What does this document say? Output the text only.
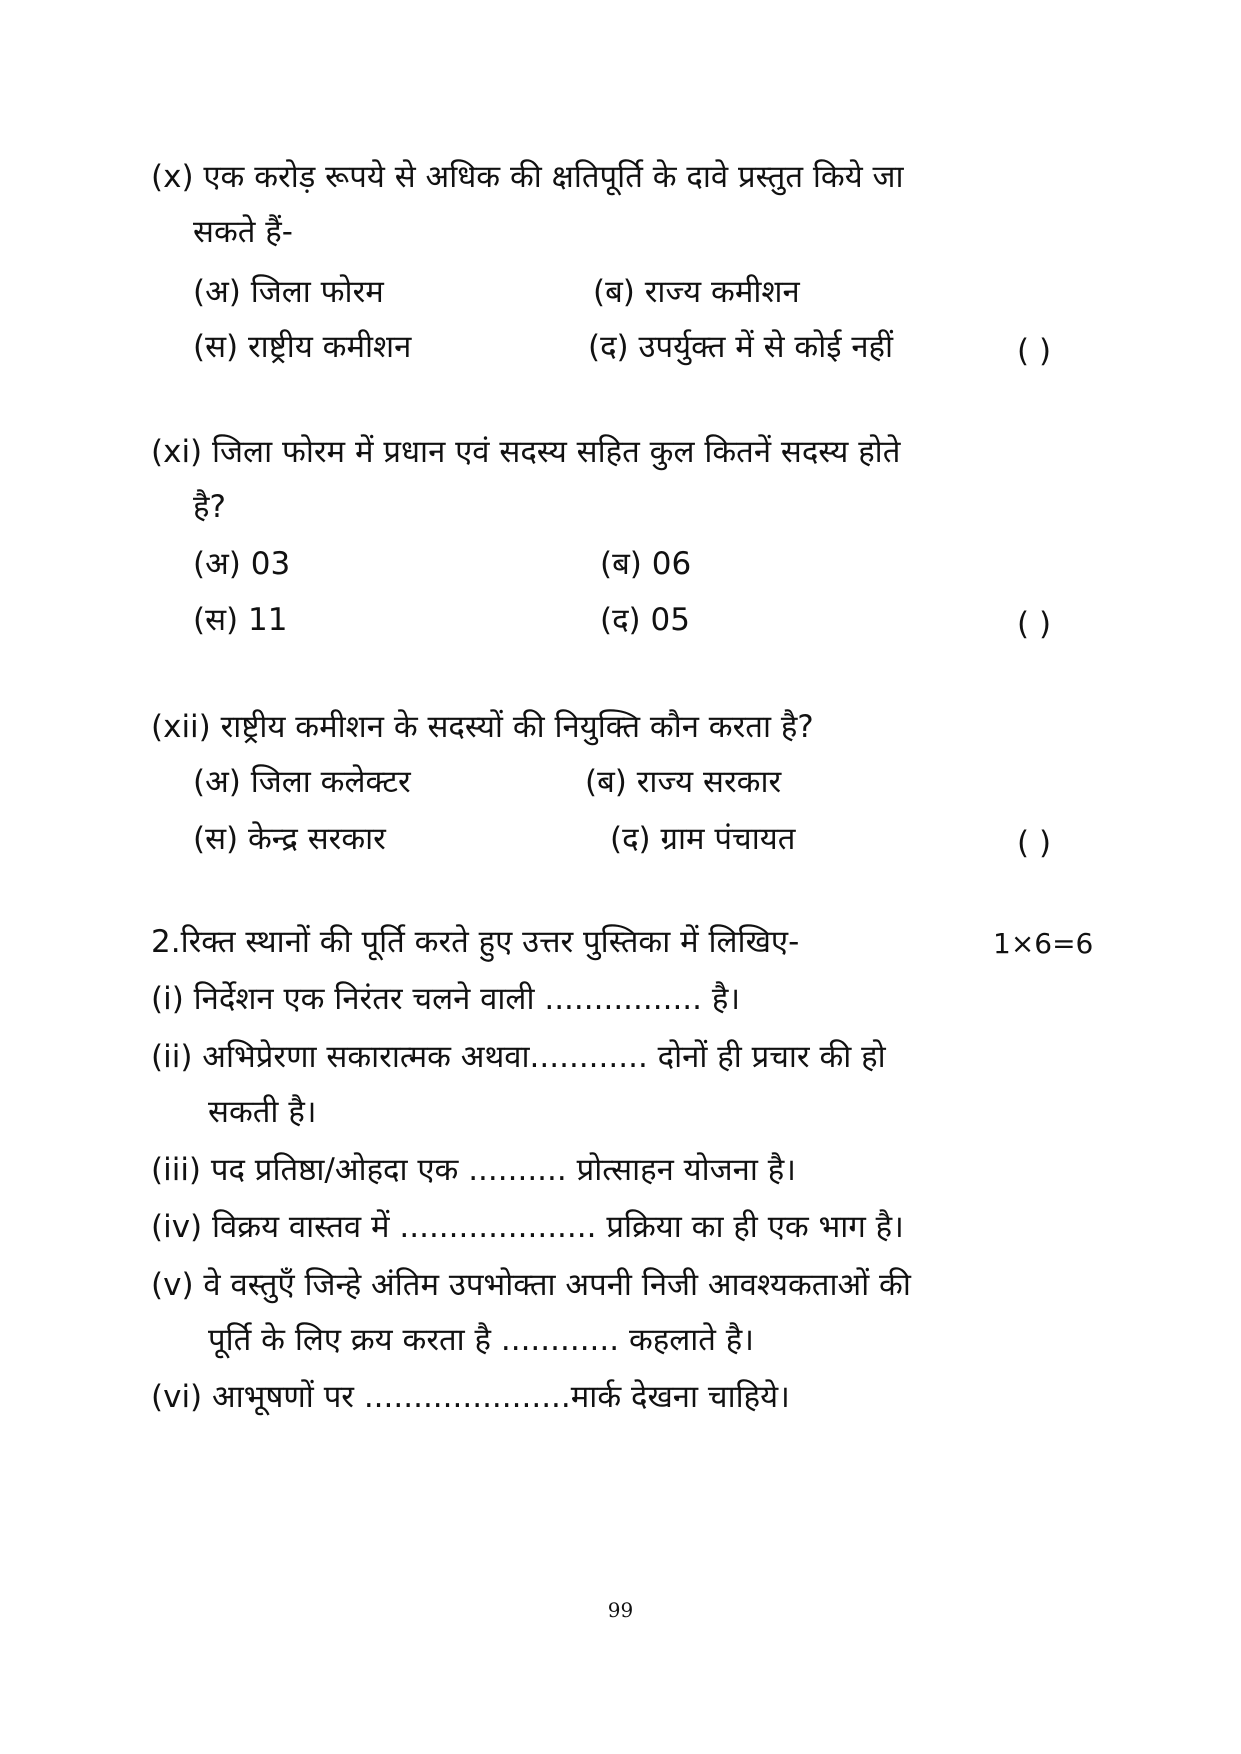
(x) एक करोड़ रूपये से अधिक की क्षतिपूर्ति के दावे प्रस्तुत किये जा
सकते हैं-
(अ) जिला फोरम	(ब) राज्य कमीशन
(स) राष्ट्रीय कमीशन	(द) उपर्युक्त में से कोई नहीं	( )
(xi) जिला फोरम में प्रधान एवं सदस्य सहित कुल कितनें सदस्य होते
है?
(अ) 03	(ब) 06
(स) 11	(द) 05	( )
(xii) राष्ट्रीय कमीशन के सदस्यों की नियुक्ति कौन करता है?
(अ) जिला कलेक्टर	(ब) राज्य सरकार
(स) केन्द्र सरकार	(द) ग्राम पंचायत	( )
2.रिक्त स्थानों की पूर्ति करते हुए उत्तर पुस्तिका में लिखिए-	1×6=6
(i) निर्देशन एक निरंतर चलने वाली ................ है।
(ii) अभिप्रेरणा सकारात्मक अथवा............ दोनों ही प्रचार की हो
सकती है।
(iii) पद प्रतिष्ठा/ओहदा एक .......... प्रोत्साहन योजना है।
(iv) विक्रय वास्तव में .................... प्रक्रिया का ही एक भाग है।
(v) वे वस्तुएँ जिन्हे अंतिम उपभोक्ता अपनी निजी आवश्यकताओं की
पूर्ति के लिए क्रय करता है ............ कहलाते है।
(vi) आभूषणों पर .....................मार्क देखना चाहिये।
99
